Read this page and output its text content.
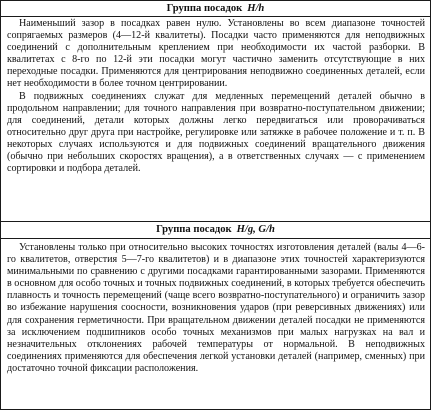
Группа посадок H/h

Наименьший зазор в посадках равен нулю. Установлены во всем диапазоне точностей сопрягаемых размеров (4—12-й квалитеты). Посадки часто применяются для неподвижных соединений с дополнительным креплением при необходимости их частой разборки. В квалитетах с 8-го по 12-й эти посадки могут частично заменить отсутствующие в них переходные посадки. Применяются для центрирования неподвижно соединенных деталей, если нет необходимости в более точном центрировании.

В подвижных соединениях служат для медленных перемещений деталей обычно в продольном направлении; для точного направления при возвратно-поступательном движении; для соединений, детали которых должны легко передвигаться или проворачиваться относительно друг друга при настройке, регулировке или затяжке в рабочее положение и т. п. В некоторых случаях используются и для подвижных соединений вращательного движения (обычно при небольших скоростях вращения), а в ответственных случаях — с применением сортировки и подбора деталей.

Группа посадок H/g, G/h

Установлены только при относительно высоких точностях изготовления деталей (валы 4—6-го квалитетов, отверстия 5—7-го квалитетов) и в диапазоне этих точностей характеризуются минимальными по сравнению с другими посадками гарантированными зазорами. Применяются в основном для особо точных и точных подвижных соединений, в которых требуется обеспечить плавность и точность перемещений (чаще всего возвратно-поступательного) и ограничить зазор во избежание нарушения соосности, возникновения ударов (при реверсивных движениях) или для сохранения герметичности. При вращательном движении деталей посадки не применяются за исключением подшипников особо точных механизмов при малых нагрузках на вал и незначительных отклонениях рабочей температуры от нормальной. В неподвижных соединениях применяются для обеспечения легкой установки деталей (например, сменных) при достаточно точной фиксации расположения.
